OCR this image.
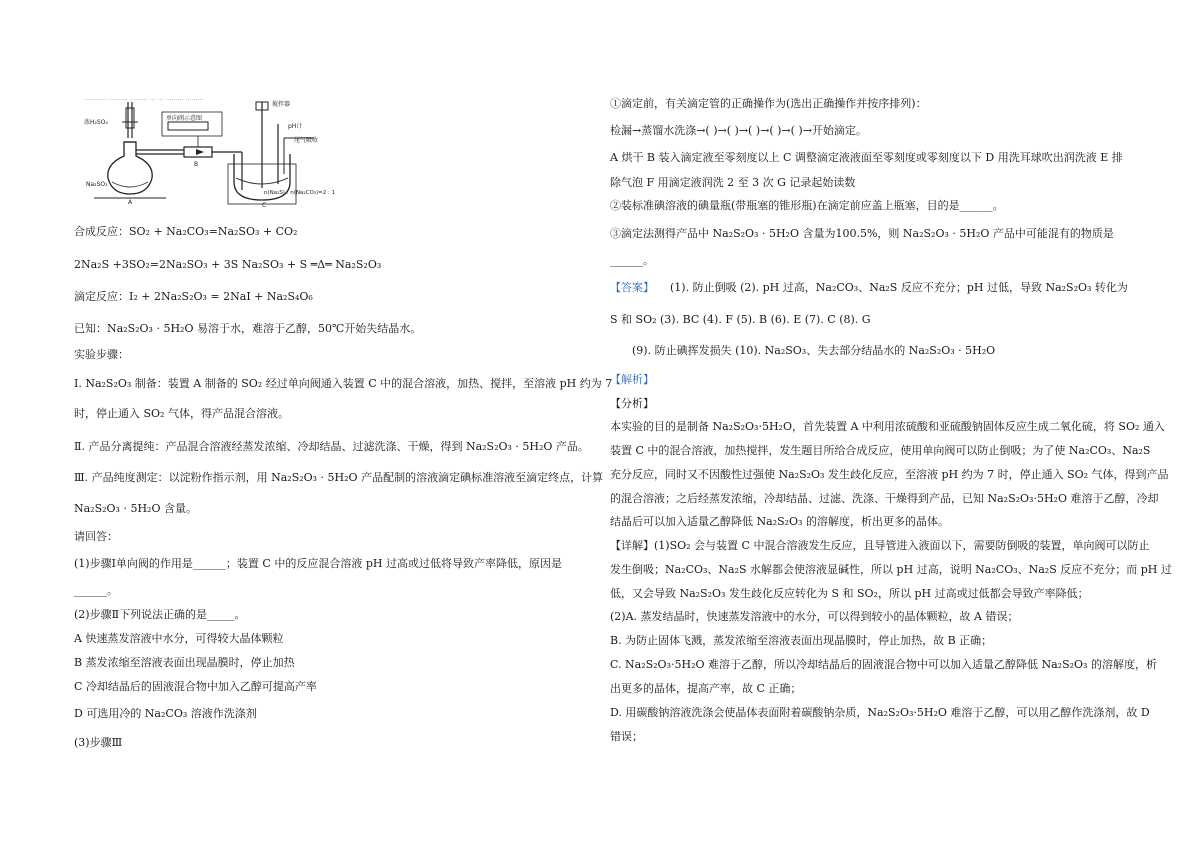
………… ……… ……… … … ……… ………
浓H₂SO₄
单向阀示意图
B
搅拌器
pH计
尾气吸收
Na₂SO₃
A
n(Na₂S) : n(Na₂CO₃)=2 : 1
C
合成反应：SO₂ + Na₂CO₃=Na₂SO₃ + CO₂
2Na₂S +3SO₂=2Na₂SO₃ + 3S Na₂SO₃ + S ═Δ═ Na₂S₂O₃
滴定反应：I₂ + 2Na₂S₂O₃ = 2NaI + Na₂S₄O₆
已知：Na₂S₂O₃ · 5H₂O 易溶于水，难溶于乙醇，50℃开始失结晶水。
实验步骤：
Ⅰ. Na₂S₂O₃ 制备：装置 A 制备的 SO₂ 经过单向阀通入装置 C 中的混合溶液，加热、搅拌，至溶液 pH 约为 7
时，停止通入 SO₂ 气体，得产品混合溶液。
Ⅱ. 产品分离提纯：产品混合溶液经蒸发浓缩、冷却结晶、过滤洗涤、干燥，得到 Na₂S₂O₃ · 5H₂O 产品。
Ⅲ. 产品纯度测定：以淀粉作指示剂，用 Na₂S₂O₃ · 5H₂O 产品配制的溶液滴定碘标准溶液至滴定终点，计算
Na₂S₂O₃ · 5H₂O 含量。
请回答：
(1)步骤Ⅰ单向阀的作用是______；装置 C 中的反应混合溶液 pH 过高或过低将导致产率降低，原因是
______。
(2)步骤Ⅱ下列说法正确的是_____。
A 快速蒸发溶液中水分，可得较大晶体颗粒
B 蒸发浓缩至溶液表面出现晶膜时，停止加热
C 冷却结晶后的固液混合物中加入乙醇可提高产率
D 可选用冷的 Na₂CO₃ 溶液作洗涤剂
(3)步骤Ⅲ
①滴定前，有关滴定管的正确操作为(选出正确操作并按序排列)：
检漏→蒸馏水洗涤→( )→( )→( )→( )→( )→开始滴定。
A 烘干 B 装入滴定液至零刻度以上 C 调整滴定液液面至零刻度或零刻度以下 D 用洗耳球吹出润洗液 E 排
除气泡 F 用滴定液润洗 2 至 3 次 G 记录起始读数
②装标准碘溶液的碘量瓶(带瓶塞的锥形瓶)在滴定前应盖上瓶塞，目的是______。
③滴定法测得产品中 Na₂S₂O₃ · 5H₂O 含量为100.5%，则 Na₂S₂O₃ · 5H₂O 产品中可能混有的物质是
______。
【答案】 (1). 防止倒吸 (2). pH 过高，Na₂CO₃、Na₂S 反应不充分；pH 过低，导致 Na₂S₂O₃ 转化为
S 和 SO₂ (3). BC (4). F (5). B (6). E (7). C (8). G
(9). 防止碘挥发损失 (10). Na₂SO₃、失去部分结晶水的 Na₂S₂O₃ · 5H₂O
【解析】
【分析】
本实验的目的是制备 Na₂S₂O₃·5H₂O，首先装置 A 中利用浓硫酸和亚硫酸钠固体反应生成二氧化硫，将 SO₂ 通入
装置 C 中的混合溶液，加热搅拌，发生题目所给合成反应，使用单向阀可以防止倒吸；为了使 Na₂CO₃、Na₂S
充分反应，同时又不因酸性过强使 Na₂S₂O₃ 发生歧化反应，至溶液 pH 约为 7 时，停止通入 SO₂ 气体，得到产品
的混合溶液；之后经蒸发浓缩，冷却结晶、过滤、洗涤、干燥得到产品，已知 Na₂S₂O₃·5H₂O 难溶于乙醇，冷却
结晶后可以加入适量乙醇降低 Na₂S₂O₃ 的溶解度，析出更多的晶体。
【详解】(1)SO₂ 会与装置 C 中混合溶液发生反应，且导管进入液面以下，需要防倒吸的装置，单向阀可以防止
发生倒吸；Na₂CO₃、Na₂S 水解都会使溶液显碱性，所以 pH 过高，说明 Na₂CO₃、Na₂S 反应不充分；而 pH 过
低，又会导致 Na₂S₂O₃ 发生歧化反应转化为 S 和 SO₂，所以 pH 过高或过低都会导致产率降低；
(2)A. 蒸发结晶时，快速蒸发溶液中的水分，可以得到较小的晶体颗粒，故 A 错误；
B. 为防止固体飞溅，蒸发浓缩至溶液表面出现晶膜时，停止加热，故 B 正确；
C. Na₂S₂O₃·5H₂O 难溶于乙醇，所以冷却结晶后的固液混合物中可以加入适量乙醇降低 Na₂S₂O₃ 的溶解度，析
出更多的晶体，提高产率，故 C 正确；
D. 用碳酸钠溶液洗涤会使晶体表面附着碳酸钠杂质，Na₂S₂O₃·5H₂O 难溶于乙醇，可以用乙醇作洗涤剂，故 D
错误；
